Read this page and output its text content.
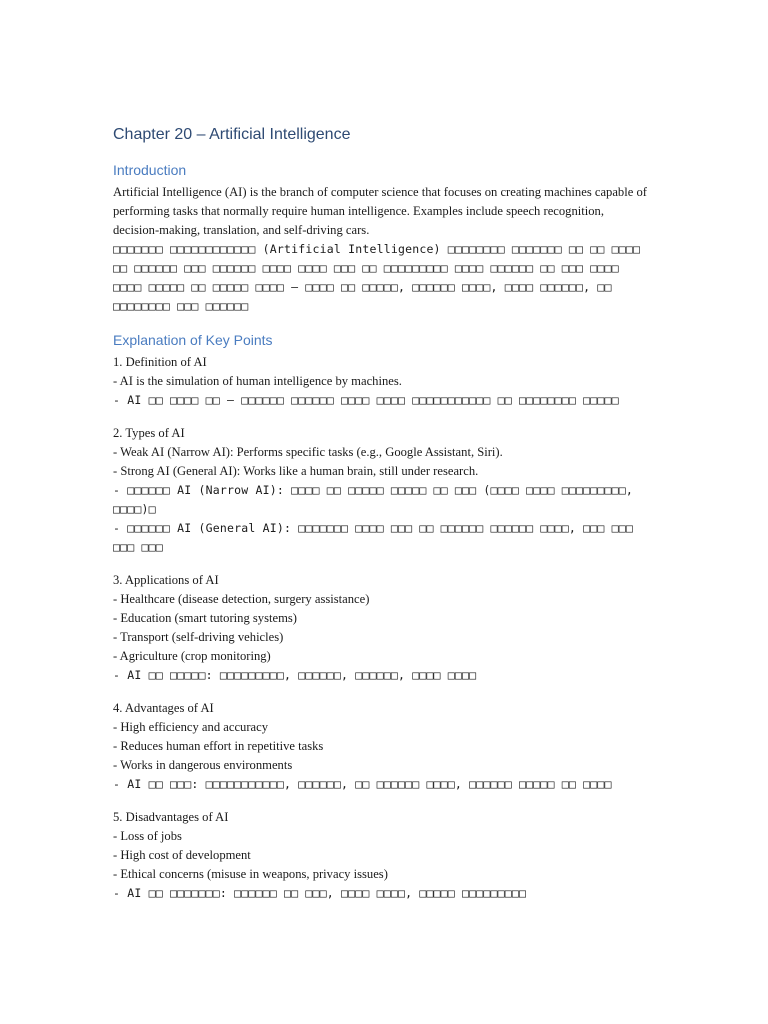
Chapter 20 – Artificial Intelligence
Introduction

Artificial Intelligence (AI) is the branch of computer science that focuses on creating machines capable of performing tasks that normally require human intelligence. Examples include speech recognition, decision-making, translation, and self-driving cars.

□□□□□□□ □□□□□□□□□□□□ (Artificial Intelligence) □□□□□□□□ □□□□□□□ □□ □□ □□□□ □□ □□□□□□ □□□ □□□□□□ □□□□ □□□□ □□□ □□ □□□□□□□□□ □□□□ □□□□□□ □□ □□□ □□□□ □□□□ □□□□□ □□ □□□□□ □□□□ – □□□□ □□ □□□□□, □□□□□□ □□□□, □□□□ □□□□□□, □□ □□□□□□□□ □□□ □□□□□□

Explanation of Key Points
1. Definition of AI
- AI is the simulation of human intelligence by machines.
- AI □□ □□□□ □□ – □□□□□□ □□□□□□ □□□□ □□□□ □□□□□□□□□□□ □□ □□□□□□□□ □□□□□
2. Types of AI
- Weak AI (Narrow AI): Performs specific tasks (e.g., Google Assistant, Siri).
- Strong AI (General AI): Works like a human brain, still under research.
- □□□□□□ AI (Narrow AI): □□□□ □□ □□□□□ □□□□□ □□ □□□ (□□□□ □□□□ □□□□□□□□□, □□□□)□
- □□□□□□ AI (General AI): □□□□□□□ □□□□ □□□ □□ □□□□□□ □□□□□□ □□□□, □□□ □□□ □□□ □□□
3. Applications of AI
- Healthcare (disease detection, surgery assistance)
- Education (smart tutoring systems)
- Transport (self-driving vehicles)
- Agriculture (crop monitoring)
- AI □□ □□□□□: □□□□□□□□□, □□□□□□, □□□□□□, □□□□ □□□□
4. Advantages of AI
- High efficiency and accuracy
- Reduces human effort in repetitive tasks
- Works in dangerous environments
- AI □□ □□□: □□□□□□□□□□□, □□□□□□, □□ □□□□□□ □□□□, □□□□□□ □□□□□ □□ □□□□
5. Disadvantages of AI
- Loss of jobs
- High cost of development
- Ethical concerns (misuse in weapons, privacy issues)
- AI □□ □□□□□□□: □□□□□□ □□ □□□, □□□□ □□□□, □□□□□ □□□□□□□□□
